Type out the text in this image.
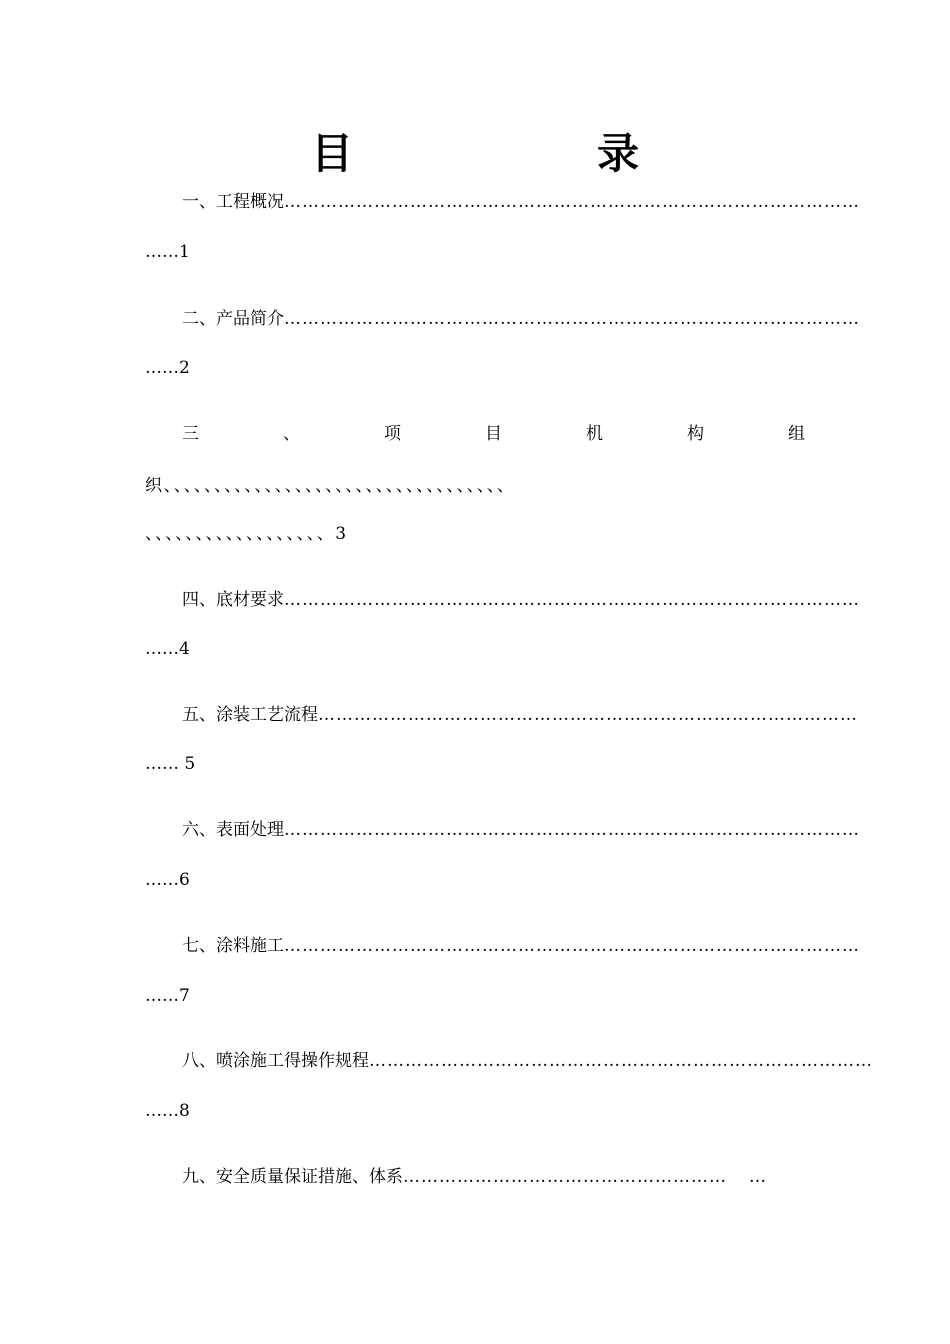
目	录
一、工程概况……………………………………………………………………………………
……1
二、产品简介……………………………………………………………………………………
……2
三	、	项	目	机	构	组
织、、、、、、、、、、、、、、、、、、、、、、、、、、、、、、、、、、
、、、、、、、、、、、、、、、、、、3
四、底材要求……………………………………………………………………………………
……4
五、涂装工艺流程………………………………………………………………………………
…… 5
六、表面处理……………………………………………………………………………………
……6
七、涂料施工……………………………………………………………………………………
……7
八、喷涂施工得操作规程…………………………………………………………………………
……8
九、安全质量保证措施、体系……………………………………………… …
